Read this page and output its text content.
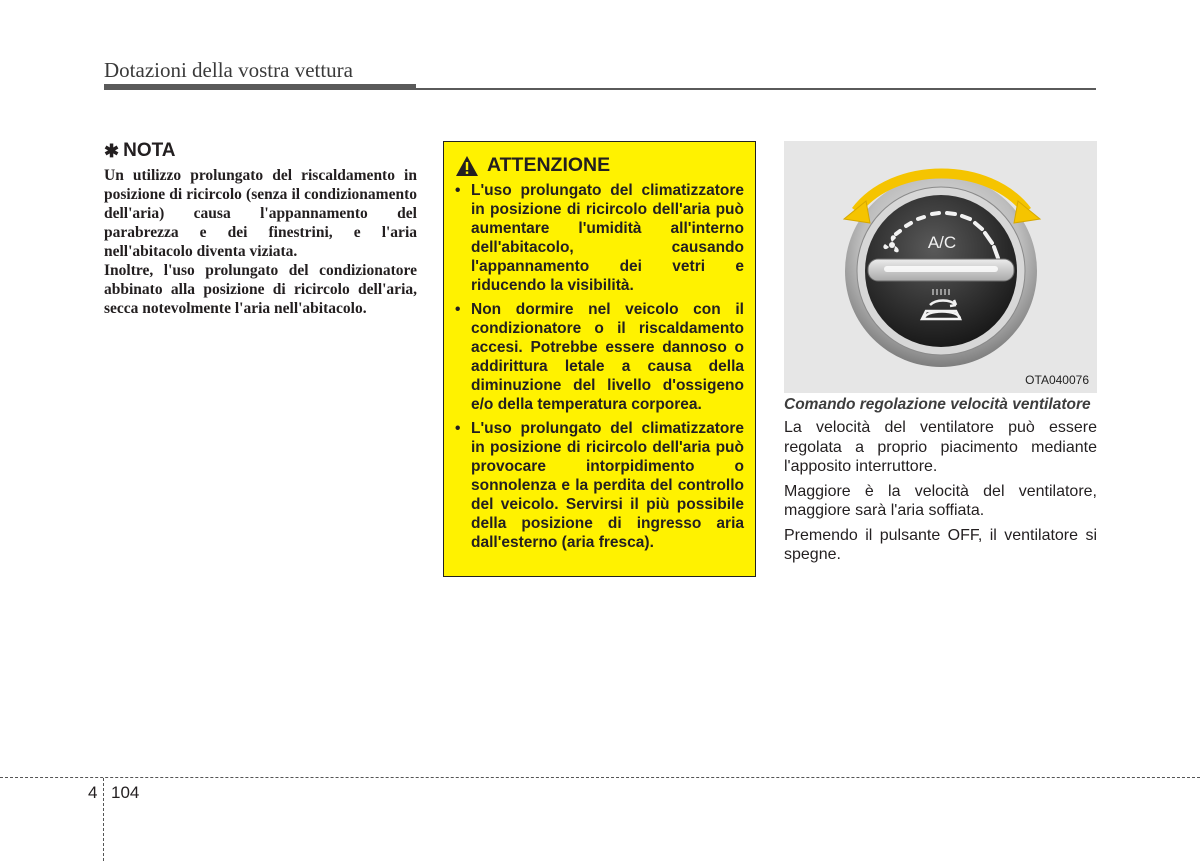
Dotazioni della vostra vettura
✱ NOTA

Un utilizzo prolungato del riscaldamento in posizione di ricircolo (senza il condizionamento dell'aria) causa l'appannamento del parabrezza e dei finestrini, e l'aria nell'abitacolo diventa viziata.

Inoltre, l'uso prolungato del condizionatore abbinato alla posizione di ricircolo dell'aria, secca notevolmente l'aria nell'abitacolo.

ATTENZIONE
• L'uso prolungato del climatizzatore in posizione di ricircolo dell'aria può aumentare l'umidità all'interno dell'abitacolo, causando l'appannamento dei vetri e riducendo la visibilità.
• Non dormire nel veicolo con il condizionatore o il riscaldamento accesi. Potrebbe essere dannoso o addirittura letale a causa della diminuzione del livello d'ossigeno e/o della temperatura corporea.
• L'uso prolungato del climatizzatore in posizione di ricircolo dell'aria può provocare intorpidimento o sonnolenza e la perdita del controllo del veicolo. Servirsi il più possibile della posizione di ingresso aria dall'esterno (aria fresca).
A/C
OTA040076

Comando regolazione velocità ventilatore

La velocità del ventilatore può essere regolata a proprio piacimento mediante l'apposito interruttore.

Maggiore è la velocità del ventilatore, maggiore sarà l'aria soffiata.

Premendo il pulsante OFF, il ventilatore si spegne.

4 104
